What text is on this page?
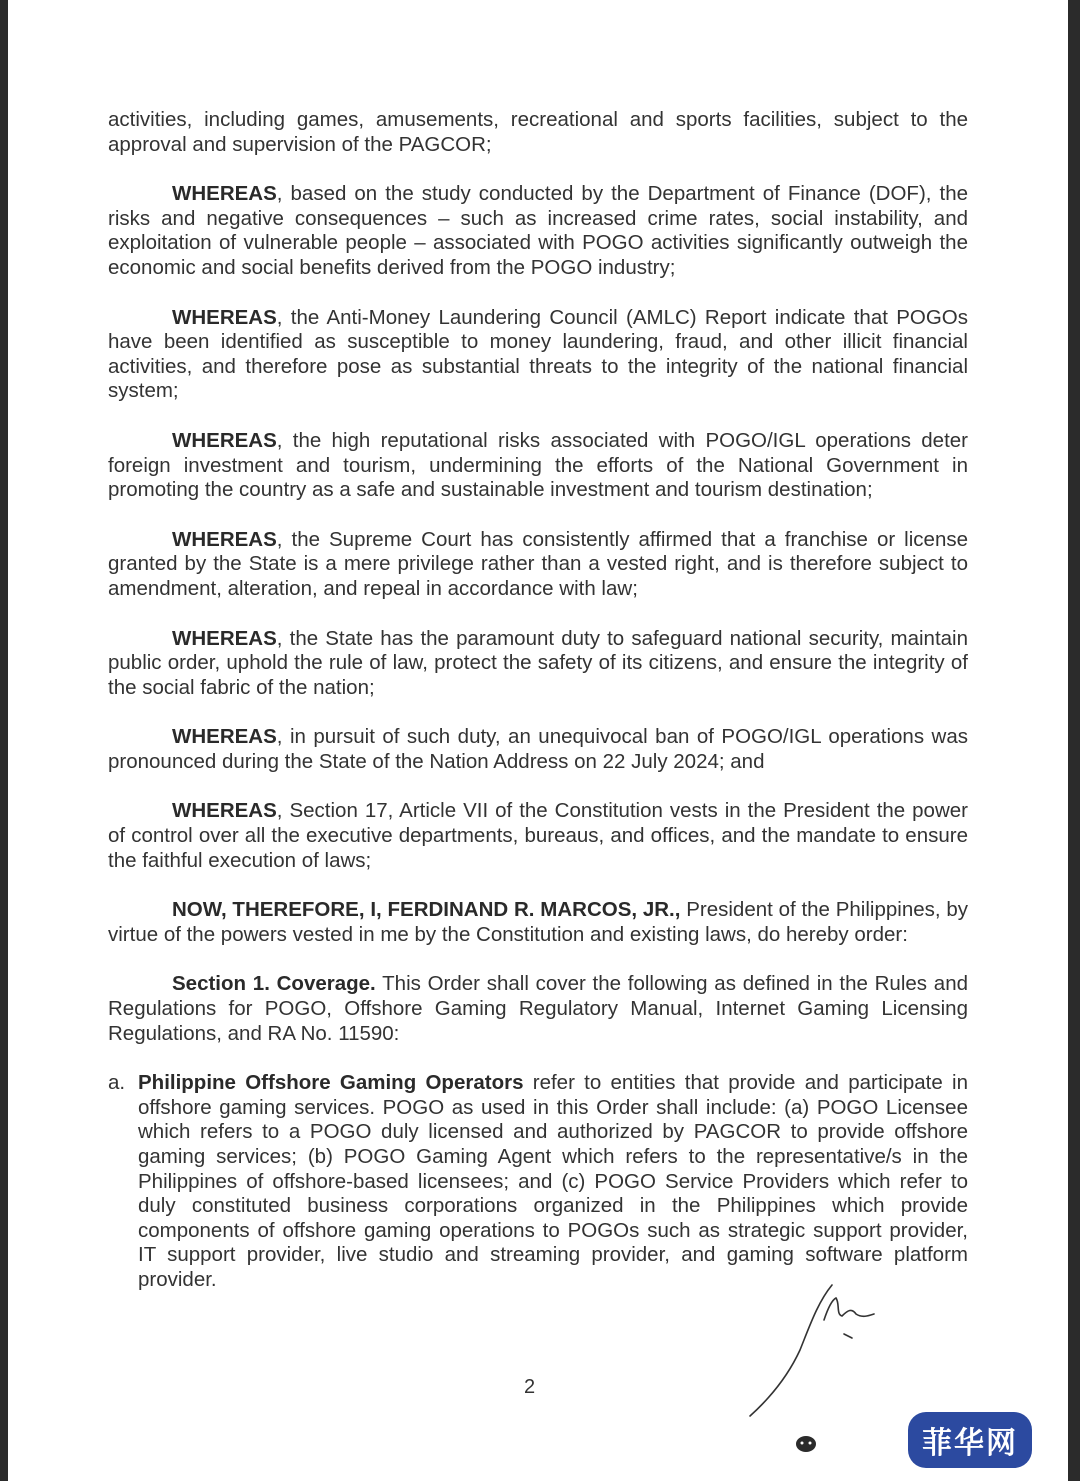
activities, including games, amusements, recreational and sports facilities, subject to the approval and supervision of the PAGCOR;

WHEREAS, based on the study conducted by the Department of Finance (DOF), the risks and negative consequences – such as increased crime rates, social instability, and exploitation of vulnerable people – associated with POGO activities significantly outweigh the economic and social benefits derived from the POGO industry;

WHEREAS, the Anti-Money Laundering Council (AMLC) Report indicate that POGOs have been identified as susceptible to money laundering, fraud, and other illicit financial activities, and therefore pose as substantial threats to the integrity of the national financial system;

WHEREAS, the high reputational risks associated with POGO/IGL operations deter foreign investment and tourism, undermining the efforts of the National Government in promoting the country as a safe and sustainable investment and tourism destination;

WHEREAS, the Supreme Court has consistently affirmed that a franchise or license granted by the State is a mere privilege rather than a vested right, and is therefore subject to amendment, alteration, and repeal in accordance with law;

WHEREAS, the State has the paramount duty to safeguard national security, maintain public order, uphold the rule of law, protect the safety of its citizens, and ensure the integrity of the social fabric of the nation;

WHEREAS, in pursuit of such duty, an unequivocal ban of POGO/IGL operations was pronounced during the State of the Nation Address on 22 July 2024; and

WHEREAS, Section 17, Article VII of the Constitution vests in the President the power of control over all the executive departments, bureaus, and offices, and the mandate to ensure the faithful execution of laws;

NOW, THEREFORE, I, FERDINAND R. MARCOS, JR., President of the Philippines, by virtue of the powers vested in me by the Constitution and existing laws, do hereby order:

Section 1. Coverage. This Order shall cover the following as defined in the Rules and Regulations for POGO, Offshore Gaming Regulatory Manual, Internet Gaming Licensing Regulations, and RA No. 11590:

a. Philippine Offshore Gaming Operators refer to entities that provide and participate in offshore gaming services. POGO as used in this Order shall include: (a) POGO Licensee which refers to a POGO duly licensed and authorized by PAGCOR to provide offshore gaming services; (b) POGO Gaming Agent which refers to the representative/s in the Philippines of offshore-based licensees; and (c) POGO Service Providers which refer to duly constituted business corporations organized in the Philippines which provide components of offshore gaming operations to POGOs such as strategic support provider, IT support provider, live studio and streaming provider, and gaming software platform provider.
2
公众号 菲华网
